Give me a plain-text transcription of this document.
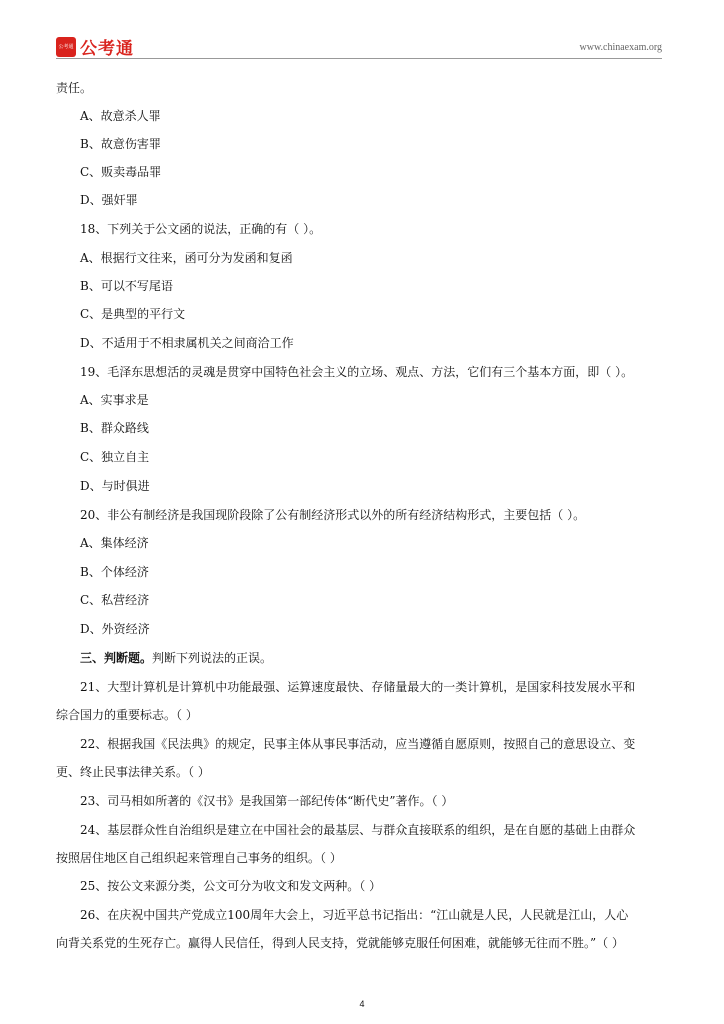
公考通 公考通	www.chinaexam.org
责任。
A、故意杀人罪
B、故意伤害罪
C、贩卖毒品罪
D、强奸罪
18、下列关于公文函的说法，正确的有（ ）。
A、根据行文往来，函可分为发函和复函
B、可以不写尾语
C、是典型的平行文
D、不适用于不相隶属机关之间商洽工作
19、毛泽东思想活的灵魂是贯穿中国特色社会主义的立场、观点、方法，它们有三个基本方面，即（ ）。
A、实事求是
B、群众路线
C、独立自主
D、与时俱进
20、非公有制经济是我国现阶段除了公有制经济形式以外的所有经济结构形式，主要包括（ ）。
A、集体经济
B、个体经济
C、私营经济
D、外资经济
三、判断题。判断下列说法的正误。
21、大型计算机是计算机中功能最强、运算速度最快、存储量最大的一类计算机，是国家科技发展水平和
综合国力的重要标志。（ ）
22、根据我国《民法典》的规定，民事主体从事民事活动，应当遵循自愿原则，按照自己的意思设立、变
更、终止民事法律关系。（ ）
23、司马相如所著的《汉书》是我国第一部纪传体“断代史”著作。（ ）
24、基层群众性自治组织是建立在中国社会的最基层、与群众直接联系的组织，是在自愿的基础上由群众
按照居住地区自己组织起来管理自己事务的组织。（ ）
25、按公文来源分类，公文可分为收文和发文两种。（ ）
26、在庆祝中国共产党成立100周年大会上，习近平总书记指出：“江山就是人民，人民就是江山，人心
向背关系党的生死存亡。赢得人民信任，得到人民支持，党就能够克服任何困难，就能够无往而不胜。”（ ）
4
